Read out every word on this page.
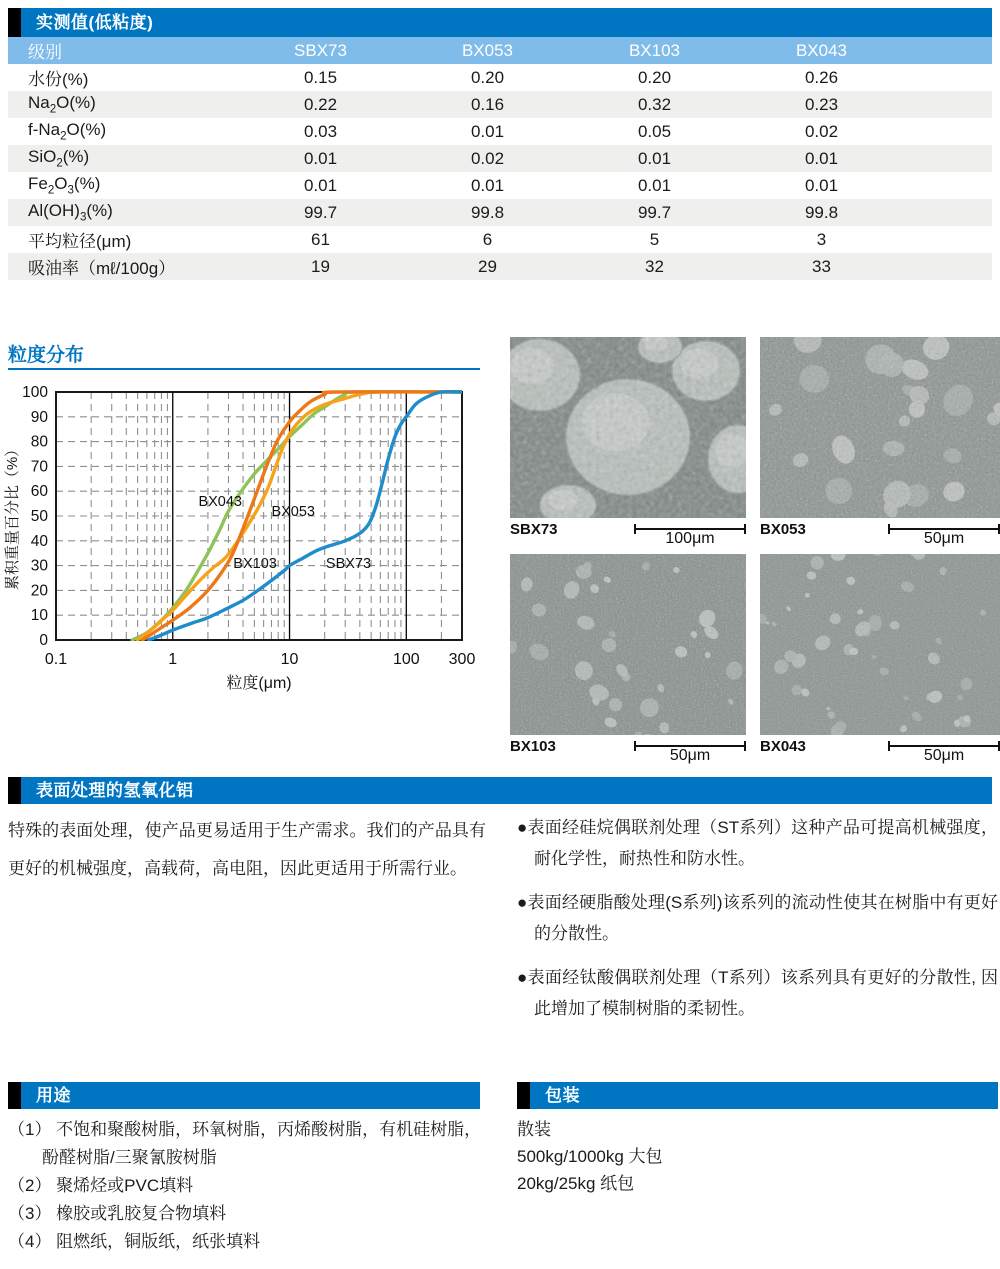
实测值(低粘度)
级别	SBX73	BX053	BX103	BX043
水份(%)	0.15	0.20	0.20	0.26
$Na_2O(\%)$	0.22	0.16	0.32	0.23
$f-Na_2O(\%)$	0.03	0.01	0.05	0.02
SiO$_2$(%)	0.01	0.02	0.01	0.01
$Fe_2O_3(\%)$	0.01	0.01	0.01	0.01
$Al(OH)_3(\%)$	99.7	99.8	99.7	99.8
平均粒径(μm)	61	6	5	3
吸油率（mℓ/100g）	19	29	32	33
粒度分布
0
10
20
30
40
50
60
70
80
90
100
0.1	1	10	100 300
粒度(μm)
累积重量百分比（%）	BX043
BX053
BX103	SBX73
SBX73
100μm
BX053
50μm
BX103
50μm
BX043
50μm
表面处理的氢氧化铝
特殊的表面处理，使产品更易适用于生产需求。我们的产品具有更好的机械强度，高载荷，高电阻，因此更适用于所需行业。
●表面经硅烷偶联剂处理（ST系列）这种产品可提高机械强度，耐化学性，耐热性和防水性。
●表面经硬脂酸处理(S系列)该系列的流动性使其在树脂中有更好的分散性。
●表面经钛酸偶联剂处理（T系列）该系列具有更好的分散性, 因此增加了模制树脂的柔韧性。
用途
（1） 不饱和聚酸树脂，环氧树脂，丙烯酸树脂，有机硅树脂，酚醛树脂/三聚氰胺树脂
（2） 聚烯烃或PVC填料
（3） 橡胶或乳胶复合物填料
（4） 阻燃纸，铜版纸，纸张填料
包装
散装
500kg/1000kg 大包
20kg/25kg 纸包
